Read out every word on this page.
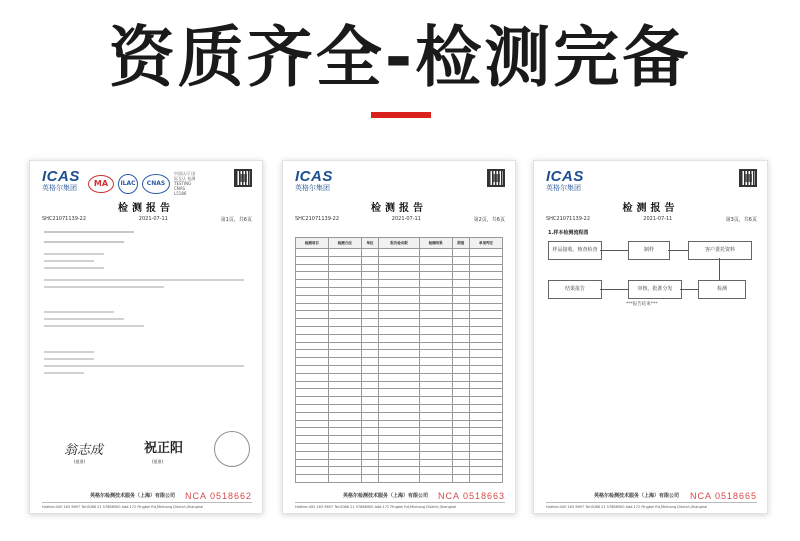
资质齐全-检测完备
ICAS
英格尔集团
MA	ILAC	CNAS
中国认可 国际互认 检测 TESTING CNAS L5186
检测报告
SHC21071139-22	2021-07-11	第1页，共6页
翁志成	祝正阳
(批准)	(批准)
英格尔检测技术服务（上海）有限公司 NCA 0518662
Hotline:400 163 9697 Tel:0086 21 57686900 Add:172 Pingbei Rd,Minhang District,Shanghai
ICAS
英格尔集团
检测报告
SHC21071139-22	2021-07-11	第2页，共6页
检测项目	检测方法	单位	报告检出限	检测结果	限值	单项判定

英格尔检测技术服务（上海）有限公司 NCA 0518663
Hotline:400 163 9697 Tel:0086 21 57686900 Add:172 Pingbei Rd,Minhang District,Shanghai
ICAS
英格尔集团
检测报告
SHC21071139-22	2021-07-11	第3页，共6页
1.样本检测流程图
样品接收、核查检查	制样	客户委托资料
结果报告	审核、批准分发	检测
***报告结束***
英格尔检测技术服务（上海）有限公司 NCA 0518665
Hotline:400 163 9697 Tel:0086 21 57686900 Add:172 Pingbei Rd,Minhang District,Shanghai
